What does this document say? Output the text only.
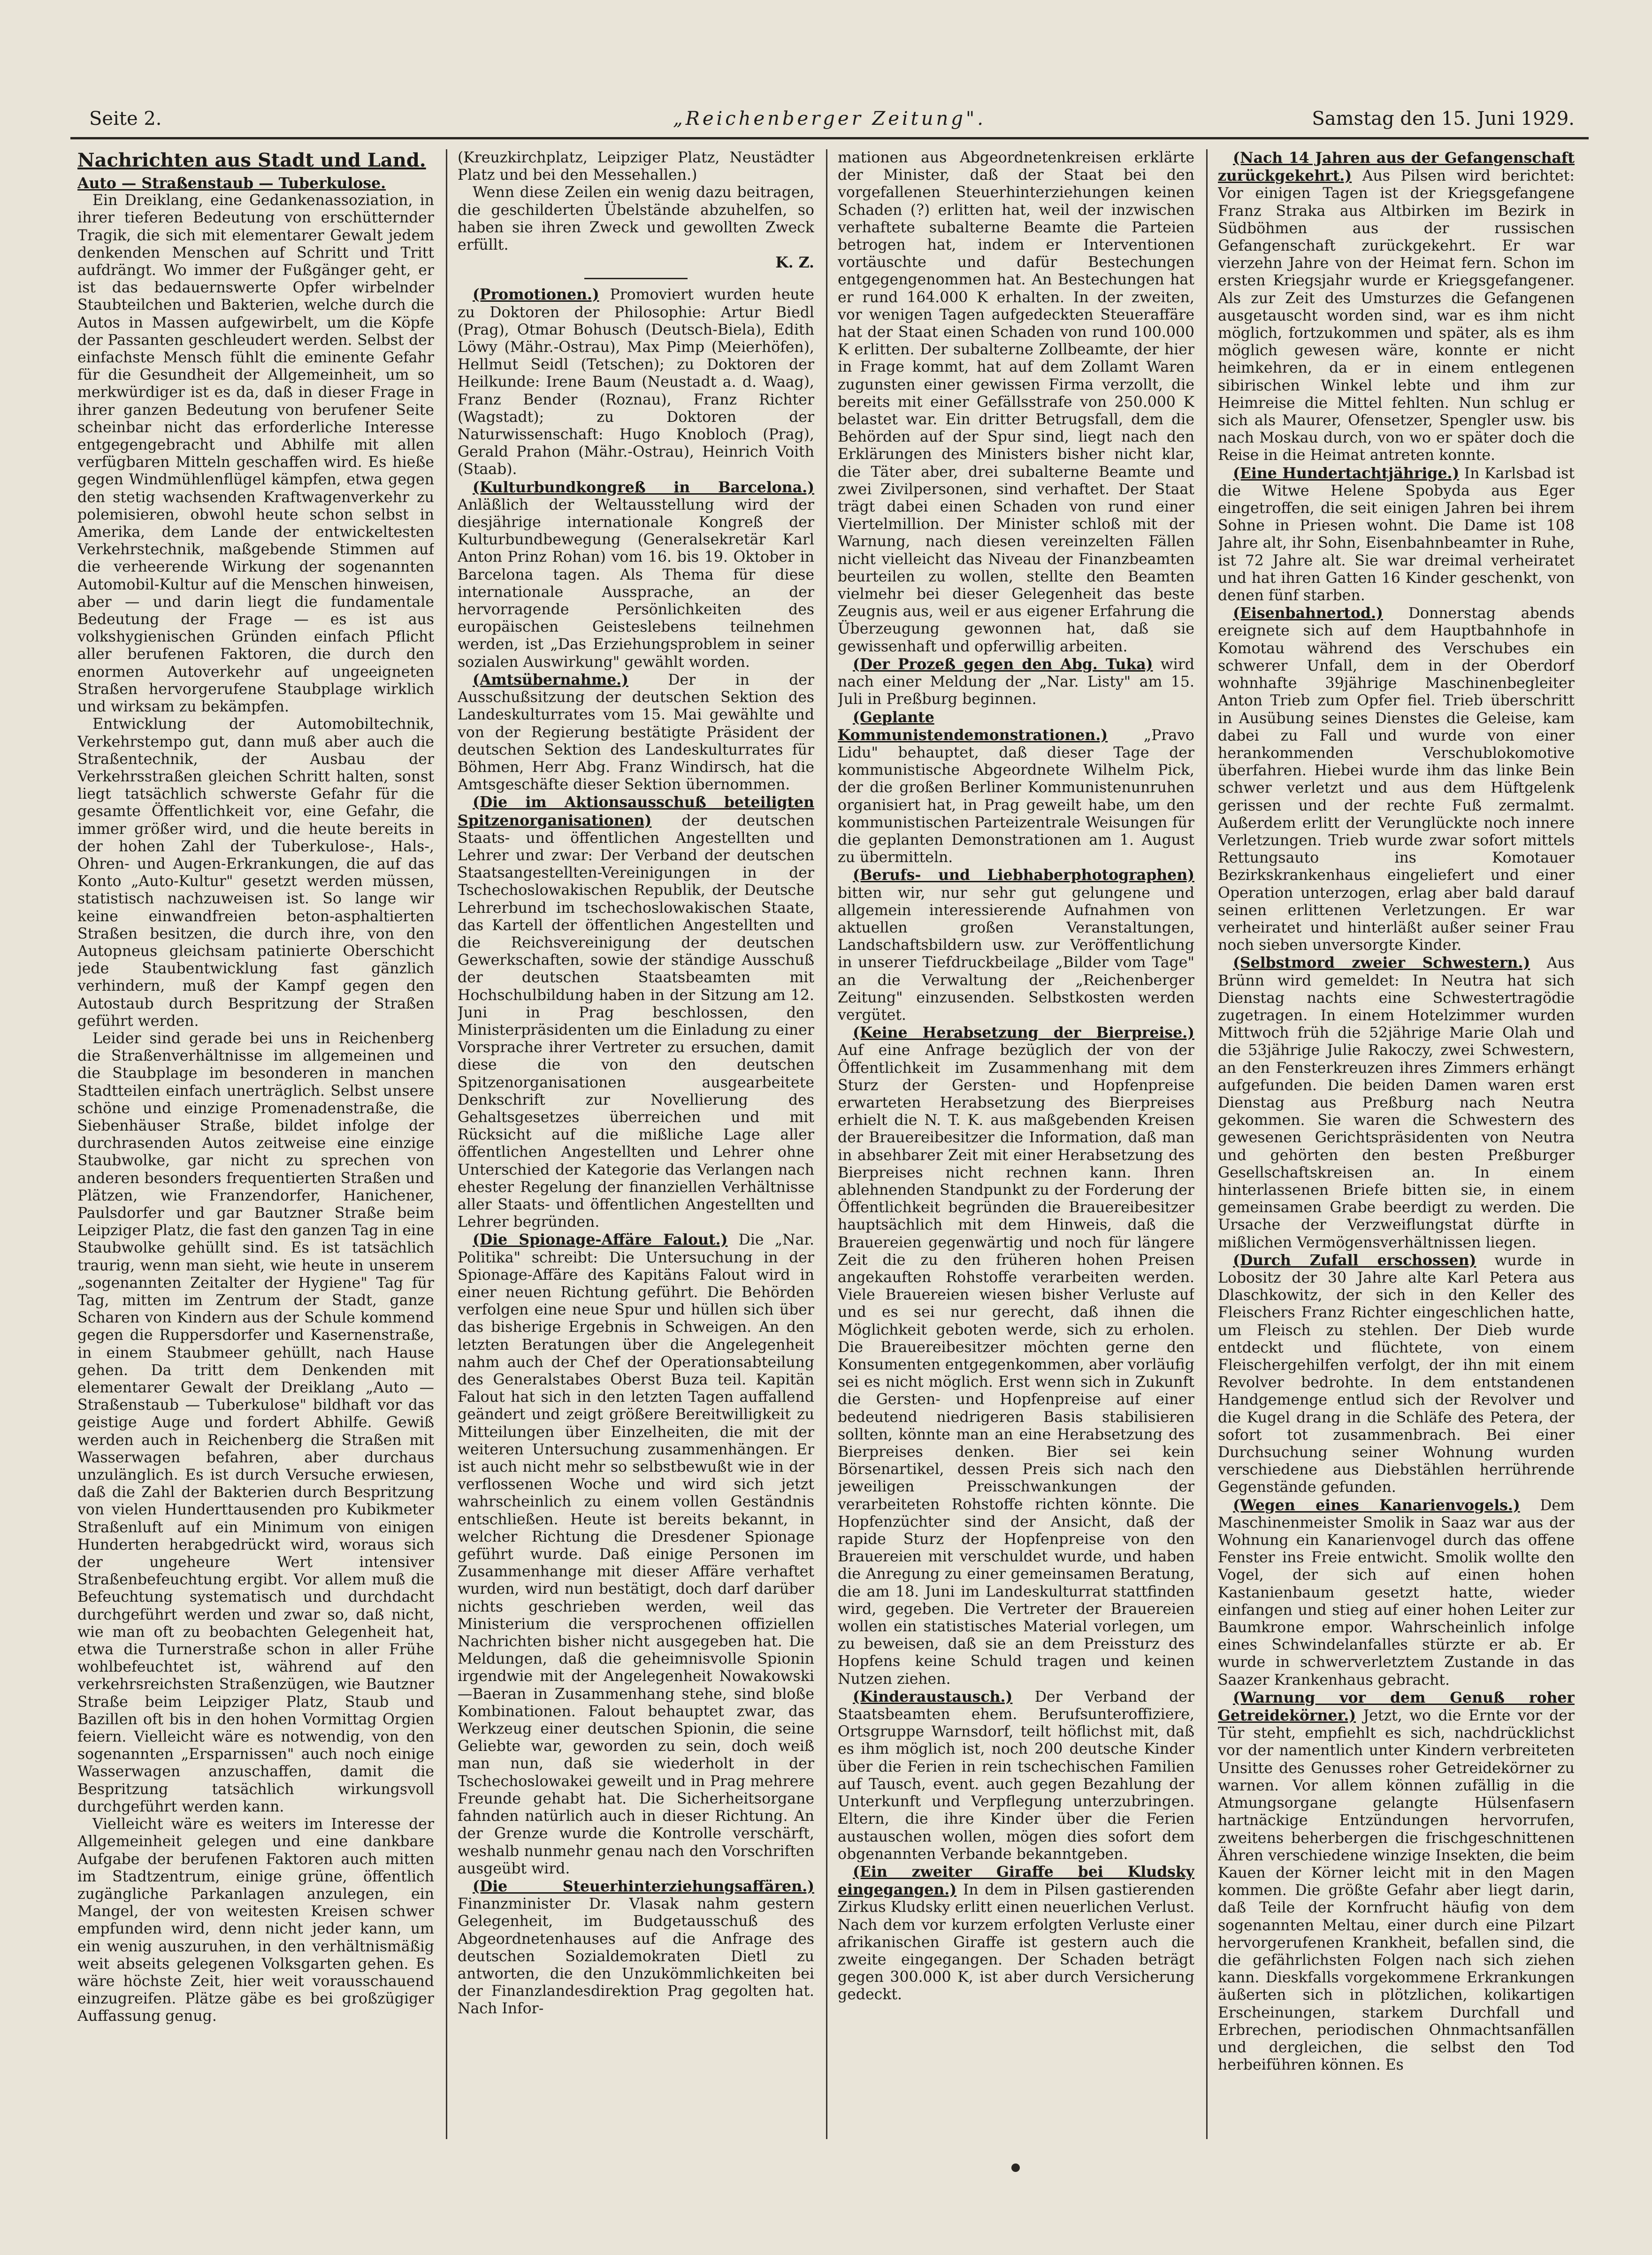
Seite 2.	„Reichenberger Zeitung".	Samstag den 15. Juni 1929.
Nachrichten aus Stadt und Land.
Auto — Straßenstaub — Tuberkulose.

Ein Dreiklang, eine Gedankenassoziation, in ihrer tieferen Bedeutung von erschütternder Tragik, die sich mit elementarer Gewalt jedem denkenden Menschen auf Schritt und Tritt aufdrängt. Wo immer der Fußgänger geht, er ist das bedauernswerte Opfer wirbelnder Staubteilchen und Bakterien, welche durch die Autos in Massen aufgewirbelt, um die Köpfe der Passanten geschleudert werden. Selbst der einfachste Mensch fühlt die eminente Gefahr für die Gesundheit der Allgemeinheit, um so merkwürdiger ist es da, daß in dieser Frage in ihrer ganzen Bedeutung von berufener Seite scheinbar nicht das erforderliche Interesse entgegengebracht und Abhilfe mit allen verfügbaren Mitteln geschaffen wird. Es hieße gegen Windmühlenflügel kämpfen, etwa gegen den stetig wachsenden Kraftwagenverkehr zu polemisieren, obwohl heute schon selbst in Amerika, dem Lande der entwickeltesten Verkehrstechnik, maßgebende Stimmen auf die verheerende Wirkung der sogenannten Automobil-Kultur auf die Menschen hinweisen, aber — und darin liegt die fundamentale Bedeutung der Frage — es ist aus volkshygienischen Gründen einfach Pflicht aller berufenen Faktoren, die durch den enormen Autoverkehr auf ungeeigneten Straßen hervorgerufene Staubplage wirklich und wirksam zu bekämpfen.

Entwicklung der Automobiltechnik, Verkehrstempo gut, dann muß aber auch die Straßentechnik, der Ausbau der Verkehrsstraßen gleichen Schritt halten, sonst liegt tatsächlich schwerste Gefahr für die gesamte Öffentlichkeit vor, eine Gefahr, die immer größer wird, und die heute bereits in der hohen Zahl der Tuberkulose-, Hals-, Ohren- und Augen-Erkrankungen, die auf das Konto „Auto-Kultur" gesetzt werden müssen, statistisch nachzuweisen ist. So lange wir keine einwandfreien beton-asphaltierten Straßen besitzen, die durch ihre, von den Autopneus gleichsam patinierte Oberschicht jede Staubentwicklung fast gänzlich verhindern, muß der Kampf gegen den Autostaub durch Bespritzung der Straßen geführt werden.

Leider sind gerade bei uns in Reichenberg die Straßenverhältnisse im allgemeinen und die Staubplage im besonderen in manchen Stadtteilen einfach unerträglich. Selbst unsere schöne und einzige Promenadenstraße, die Siebenhäuser Straße, bildet infolge der durchrasenden Autos zeitweise eine einzige Staubwolke, gar nicht zu sprechen von anderen besonders frequentierten Straßen und Plätzen, wie Franzendorfer, Hanichener, Paulsdorfer und gar Bautzner Straße beim Leipziger Platz, die fast den ganzen Tag in eine Staubwolke gehüllt sind. Es ist tatsächlich traurig, wenn man sieht, wie heute in unserem „sogenannten Zeitalter der Hygiene" Tag für Tag, mitten im Zentrum der Stadt, ganze Scharen von Kindern aus der Schule kommend gegen die Ruppersdorfer und Kasernenstraße, in einem Staubmeer gehüllt, nach Hause gehen. Da tritt dem Denkenden mit elementarer Gewalt der Dreiklang „Auto — Straßenstaub — Tuberkulose" bildhaft vor das geistige Auge und fordert Abhilfe. Gewiß werden auch in Reichenberg die Straßen mit Wasserwagen befahren, aber durchaus unzulänglich. Es ist durch Versuche erwiesen, daß die Zahl der Bakterien durch Bespritzung von vielen Hunderttausenden pro Kubikmeter Straßenluft auf ein Minimum von einigen Hunderten herabgedrückt wird, woraus sich der ungeheure Wert intensiver Straßenbefeuchtung ergibt. Vor allem muß die Befeuchtung systematisch und durchdacht durchgeführt werden und zwar so, daß nicht, wie man oft zu beobachten Gelegenheit hat, etwa die Turnerstraße schon in aller Frühe wohlbefeuchtet ist, während auf den verkehrsreichsten Straßenzügen, wie Bautzner Straße beim Leipziger Platz, Staub und Bazillen oft bis in den hohen Vormittag Orgien feiern. Vielleicht wäre es notwendig, von den sogenannten „Ersparnissen" auch noch einige Wasserwagen anzuschaffen, damit die Bespritzung tatsächlich wirkungsvoll durchgeführt werden kann.

Vielleicht wäre es weiters im Interesse der Allgemeinheit gelegen und eine dankbare Aufgabe der berufenen Faktoren auch mitten im Stadtzentrum, einige grüne, öffentlich zugängliche Parkanlagen anzulegen, ein Mangel, der von weitesten Kreisen schwer empfunden wird, denn nicht jeder kann, um ein wenig auszuruhen, in den verhältnismäßig weit abseits gelegenen Volksgarten gehen. Es wäre höchste Zeit, hier weit vorausschauend einzugreifen. Plätze gäbe es bei großzügiger Auffassung genug.

(Kreuzkirchplatz, Leipziger Platz, Neustädter Platz und bei den Messehallen.)

Wenn diese Zeilen ein wenig dazu beitragen, die geschilderten Übelstände abzuhelfen, so haben sie ihren Zweck und gewollten Zweck erfüllt.

K. Z.

(Promotionen.) Promoviert wurden heute zu Doktoren der Philosophie: Artur Biedl (Prag), Otmar Bohusch (Deutsch-Biela), Edith Löwy (Mähr.-Ostrau), Max Pimp (Meierhöfen), Hellmut Seidl (Tetschen); zu Doktoren der Heilkunde: Irene Baum (Neustadt a. d. Waag), Franz Bender (Roznau), Franz Richter (Wagstadt); zu Doktoren der Naturwissenschaft: Hugo Knobloch (Prag), Gerald Prahon (Mähr.-Ostrau), Heinrich Voith (Staab).

(Kulturbundkongreß in Barcelona.) Anläßlich der Weltausstellung wird der diesjährige internationale Kongreß der Kulturbundbewegung (Generalsekretär Karl Anton Prinz Rohan) vom 16. bis 19. Oktober in Barcelona tagen. Als Thema für diese internationale Aussprache, an der hervorragende Persönlichkeiten des europäischen Geisteslebens teilnehmen werden, ist „Das Erziehungsproblem in seiner sozialen Auswirkung" gewählt worden.

(Amtsübernahme.)	Der in der Ausschußsitzung der deutschen Sektion des Landeskulturrates vom 15. Mai gewählte und von der Regierung bestätigte Präsident der deutschen Sektion des Landeskulturrates für Böhmen, Herr Abg. Franz Windirsch, hat die Amtsgeschäfte dieser Sektion übernommen.

(Die im Aktionsausschuß beteiligten Spitzenorganisationen) der deutschen Staats- und öffentlichen Angestellten und Lehrer und zwar: Der Verband der deutschen Staatsangestellten-Vereinigungen in der Tschechoslowakischen Republik, der Deutsche Lehrerbund im tschechoslowakischen Staate, das Kartell der öffentlichen Angestellten und die Reichsvereinigung der deutschen Gewerkschaften, sowie der ständige Ausschuß der deutschen Staatsbeamten mit Hochschulbildung haben in der Sitzung am 12. Juni in Prag beschlossen, den Ministerpräsidenten um die Einladung zu einer Vorsprache ihrer Vertreter zu ersuchen, damit diese die von den deutschen Spitzenorganisationen ausgearbeitete Denkschrift zur Novellierung des Gehaltsgesetzes überreichen und mit Rücksicht auf die mißliche Lage aller öffentlichen Angestellten und Lehrer ohne Unterschied der Kategorie das Verlangen nach ehester Regelung der finanziellen Verhältnisse aller Staats- und öffentlichen Angestellten und Lehrer begründen.

(Die Spionage-Affäre Falout.) Die „Nar. Politika" schreibt: Die Untersuchung in der Spionage-Affäre des Kapitäns Falout wird in einer neuen Richtung geführt. Die Behörden verfolgen eine neue Spur und hüllen sich über das bisherige Ergebnis in Schweigen. An den letzten Beratungen über die Angelegenheit nahm auch der Chef der Operationsabteilung des Generalstabes Oberst Buza teil. Kapitän Falout hat sich in den letzten Tagen auffallend geändert und zeigt größere Bereitwilligkeit zu Mitteilungen über Einzelheiten, die mit der weiteren Untersuchung zusammenhängen. Er ist auch nicht mehr so selbstbewußt wie in der verflossenen Woche und wird sich jetzt wahrscheinlich zu einem vollen Geständnis entschließen. Heute ist bereits bekannt, in welcher Richtung die Dresdener Spionage geführt wurde. Daß einige Personen im Zusammenhange mit dieser Affäre verhaftet wurden, wird nun bestätigt, doch darf darüber nichts geschrieben werden, weil das Ministerium die versprochenen offiziellen Nachrichten bisher nicht ausgegeben hat. Die Meldungen, daß die geheimnisvolle Spionin irgendwie mit der Angelegenheit Nowakowski—Baeran in Zusammenhang stehe, sind bloße Kombinationen. Falout behauptet zwar, das Werkzeug einer deutschen Spionin, die seine Geliebte war, geworden zu sein, doch weiß man nun, daß sie wiederholt in der Tschechoslowakei geweilt und in Prag mehrere Freunde gehabt hat. Die Sicherheitsorgane fahnden natürlich auch in dieser Richtung. An der Grenze wurde die Kontrolle verschärft, weshalb nunmehr genau nach den Vorschriften ausgeübt wird.

(Die Steuerhinterziehungsaffären.) Finanzminister Dr. Vlasak nahm gestern Gelegenheit, im Budgetausschuß des Abgeordnetenhauses auf die Anfrage des deutschen Sozialdemokraten Dietl zu antworten, die den Unzukömmlichkeiten bei der Finanzlandesdirektion Prag gegolten hat. Nach Infor-

mationen aus Abgeordnetenkreisen erklärte der Minister, daß der Staat bei den vorgefallenen Steuerhinterziehungen keinen Schaden (?) erlitten hat, weil der inzwischen verhaftete subalterne Beamte die Parteien betrogen hat, indem er Interventionen vortäuschte und dafür Bestechungen entgegengenommen hat. An Bestechungen hat er rund 164.000 K erhalten. In der zweiten, vor wenigen Tagen aufgedeckten Steueraffäre hat der Staat einen Schaden von rund 100.000 K erlitten. Der subalterne Zollbeamte, der hier in Frage kommt, hat auf dem Zollamt Waren zugunsten einer gewissen Firma verzollt, die bereits mit einer Gefällsstrafe von 250.000 K belastet war. Ein dritter Betrugsfall, dem die Behörden auf der Spur sind, liegt nach den Erklärungen des Ministers bisher nicht klar, die Täter aber, drei subalterne Beamte und zwei Zivilpersonen, sind verhaftet. Der Staat trägt dabei einen Schaden von rund einer Viertelmillion. Der Minister schloß mit der Warnung, nach diesen vereinzelten Fällen nicht vielleicht das Niveau der Finanzbeamten beurteilen zu wollen, stellte den Beamten vielmehr bei dieser Gelegenheit das beste Zeugnis aus, weil er aus eigener Erfahrung die Überzeugung gewonnen hat, daß sie gewissenhaft und opferwillig arbeiten.

(Der Prozeß gegen den Abg. Tuka) wird nach einer Meldung der „Nar. Listy" am 15. Juli in Preßburg beginnen.

(Geplante Kommunistendemonstrationen.) „Pravo Lidu" behauptet, daß dieser Tage der kommunistische Abgeordnete Wilhelm Pick, der die großen Berliner Kommunistenunruhen organisiert hat, in Prag geweilt habe, um den kommunistischen Parteizentrale Weisungen für die geplanten Demonstrationen am 1. August zu übermitteln.

(Berufs- und Liebhaberphotographen) bitten wir, nur sehr gut gelungene und allgemein interessierende Aufnahmen von aktuellen großen Veranstaltungen, Landschaftsbildern usw. zur Veröffentlichung in unserer Tiefdruckbeilage „Bilder vom Tage" an die Verwaltung der „Reichenberger Zeitung" einzusenden. Selbstkosten werden vergütet.

(Keine Herabsetzung der Bierpreise.) Auf eine Anfrage bezüglich der von der Öffentlichkeit im Zusammenhang mit dem Sturz der Gersten- und Hopfenpreise erwarteten Herabsetzung des Bierpreises erhielt die N. T. K. aus maßgebenden Kreisen der Brauereibesitzer die Information, daß man in absehbarer Zeit mit einer Herabsetzung des Bierpreises nicht rechnen kann. Ihren ablehnenden Standpunkt zu der Forderung der Öffentlichkeit begründen die Brauereibesitzer hauptsächlich mit dem Hinweis, daß die Brauereien gegenwärtig und noch für längere Zeit die zu den früheren hohen Preisen angekauften Rohstoffe verarbeiten werden. Viele Brauereien wiesen bisher Verluste auf und es sei nur gerecht, daß ihnen die Möglichkeit geboten werde, sich zu erholen. Die Brauereibesitzer möchten gerne den Konsumenten entgegenkommen, aber vorläufig sei es nicht möglich. Erst wenn sich in Zukunft die Gersten- und Hopfenpreise auf einer bedeutend niedrigeren Basis stabilisieren sollten, könnte man an eine Herabsetzung des Bierpreises denken. Bier sei kein Börsenartikel, dessen Preis sich nach den jeweiligen Preisschwankungen der verarbeiteten Rohstoffe richten könnte. Die Hopfenzüchter sind der Ansicht, daß der rapide Sturz der Hopfenpreise von den Brauereien mit verschuldet wurde, und haben die Anregung zu einer gemeinsamen Beratung, die am 18. Juni im Landeskulturrat stattfinden wird, gegeben. Die Vertreter der Brauereien wollen ein statistisches Material vorlegen, um zu beweisen, daß sie an dem Preissturz des Hopfens keine Schuld tragen und keinen Nutzen ziehen.

(Kinderaustausch.) Der Verband der Staatsbeamten ehem. Berufsunteroffiziere, Ortsgruppe Warnsdorf, teilt höflichst mit, daß es ihm möglich ist, noch 200 deutsche Kinder über die Ferien in rein tschechischen Familien auf Tausch, event. auch gegen Bezahlung der Unterkunft und Verpflegung unterzubringen. Eltern, die ihre Kinder über die Ferien austauschen wollen, mögen dies sofort dem obgenannten Verbande bekanntgeben.

(Ein zweiter Giraffe bei Kludsky eingegangen.) In dem in Pilsen gastierenden Zirkus Kludsky erlitt einen neuerlichen Verlust. Nach dem vor kurzem erfolgten Verluste einer afrikanischen Giraffe ist gestern auch die zweite eingegangen. Der Schaden beträgt gegen 300.000 K, ist aber durch Versicherung gedeckt.

(Nach 14 Jahren aus der Gefangenschaft zurückgekehrt.) Aus Pilsen wird berichtet: Vor einigen Tagen ist der Kriegsgefangene Franz Straka aus Altbirken im Bezirk in Südböhmen aus der russischen Gefangenschaft zurückgekehrt. Er war vierzehn Jahre von der Heimat fern. Schon im ersten Kriegsjahr wurde er Kriegsgefangener. Als zur Zeit des Umsturzes die Gefangenen ausgetauscht worden sind, war es ihm nicht möglich, fortzukommen und später, als es ihm möglich gewesen wäre, konnte er nicht heimkehren, da er in einem entlegenen sibirischen Winkel lebte und ihm zur Heimreise die Mittel fehlten. Nun schlug er sich als Maurer, Ofensetzer, Spengler usw. bis nach Moskau durch, von wo er später doch die Reise in die Heimat antreten konnte.

(Eine Hundertachtjährige.) In Karlsbad ist die Witwe Helene Spobyda aus Eger eingetroffen, die seit einigen Jahren bei ihrem Sohne in Priesen wohnt. Die Dame ist 108 Jahre alt, ihr Sohn, Eisenbahnbeamter in Ruhe, ist 72 Jahre alt. Sie war dreimal verheiratet und hat ihren Gatten 16 Kinder geschenkt, von denen fünf starben.

(Eisenbahnertod.) Donnerstag abends ereignete sich auf dem Hauptbahnhofe in Komotau während des Verschubes ein schwerer Unfall, dem in der Oberdorf wohnhafte 39jährige Maschinenbegleiter Anton Trieb zum Opfer fiel. Trieb überschritt in Ausübung seines Dienstes die Geleise, kam dabei zu Fall und wurde von einer herankommenden Verschublokomotive überfahren. Hiebei wurde ihm das linke Bein schwer verletzt und aus dem Hüftgelenk gerissen und der rechte Fuß zermalmt. Außerdem erlitt der Verunglückte noch innere Verletzungen. Trieb wurde zwar sofort mittels Rettungsauto ins Komotauer Bezirkskrankenhaus eingeliefert und einer Operation unterzogen, erlag aber bald darauf seinen erlittenen Verletzungen. Er war verheiratet und hinterläßt außer seiner Frau noch sieben unversorgte Kinder.

(Selbstmord zweier Schwestern.) Aus Brünn wird gemeldet: In Neutra hat sich Dienstag nachts eine Schwestertragödie zugetragen. In einem Hotelzimmer wurden Mittwoch früh die 52jährige Marie Olah und die 53jährige Julie Rakoczy, zwei Schwestern, an den Fensterkreuzen ihres Zimmers erhängt aufgefunden. Die beiden Damen waren erst Dienstag aus Preßburg nach Neutra gekommen. Sie waren die Schwestern des gewesenen Gerichtspräsidenten von Neutra und gehörten den besten Preßburger Gesellschaftskreisen an. In einem hinterlassenen Briefe bitten sie, in einem gemeinsamen Grabe beerdigt zu werden. Die Ursache der Verzweiflungstat dürfte in mißlichen Vermögensverhältnissen liegen.

(Durch Zufall erschossen) wurde in Lobositz der 30 Jahre alte Karl Petera aus Dlaschkowitz, der sich in den Keller des Fleischers Franz Richter eingeschlichen hatte, um Fleisch zu stehlen. Der Dieb wurde entdeckt und flüchtete, von einem Fleischergehilfen verfolgt, der ihn mit einem Revolver bedrohte. In dem entstandenen Handgemenge entlud sich der Revolver und die Kugel drang in die Schläfe des Petera, der sofort tot zusammenbrach. Bei einer Durchsuchung seiner Wohnung wurden verschiedene aus Diebstählen herrührende Gegenstände gefunden.

(Wegen eines Kanarienvogels.) Dem Maschinenmeister Smolik in Saaz war aus der Wohnung ein Kanarienvogel durch das offene Fenster ins Freie entwicht. Smolik wollte den Vogel, der sich auf einen hohen Kastanienbaum gesetzt hatte, wieder einfangen und stieg auf einer hohen Leiter zur Baumkrone empor. Wahrscheinlich infolge eines Schwindelanfalles stürzte er ab. Er wurde in schwerverletztem Zustande in das Saazer Krankenhaus gebracht.

(Warnung vor dem Genuß roher Getreidekörner.) Jetzt, wo die Ernte vor der Tür steht, empfiehlt es sich, nachdrücklichst vor der namentlich unter Kindern verbreiteten Unsitte des Genusses roher Getreidekörner zu warnen. Vor allem können zufällig in die Atmungsorgane gelangte Hülsenfasern hartnäckige Entzündungen hervorrufen, zweitens beherbergen die frischgeschnittenen Ähren verschiedene winzige Insekten, die beim Kauen der Körner leicht mit in den Magen kommen. Die größte Gefahr aber liegt darin, daß Teile der Kornfrucht häufig von dem sogenannten Meltau, einer durch eine Pilzart hervorgerufenen Krankheit, befallen sind, die die gefährlichsten Folgen nach sich ziehen kann. Dieskfalls vorgekommene Erkrankungen äußerten sich in plötzlichen, kolikartigen Erscheinungen, starkem Durchfall und Erbrechen, periodischen Ohnmachtsanfällen und dergleichen, die selbst den Tod herbeiführen können. Es
